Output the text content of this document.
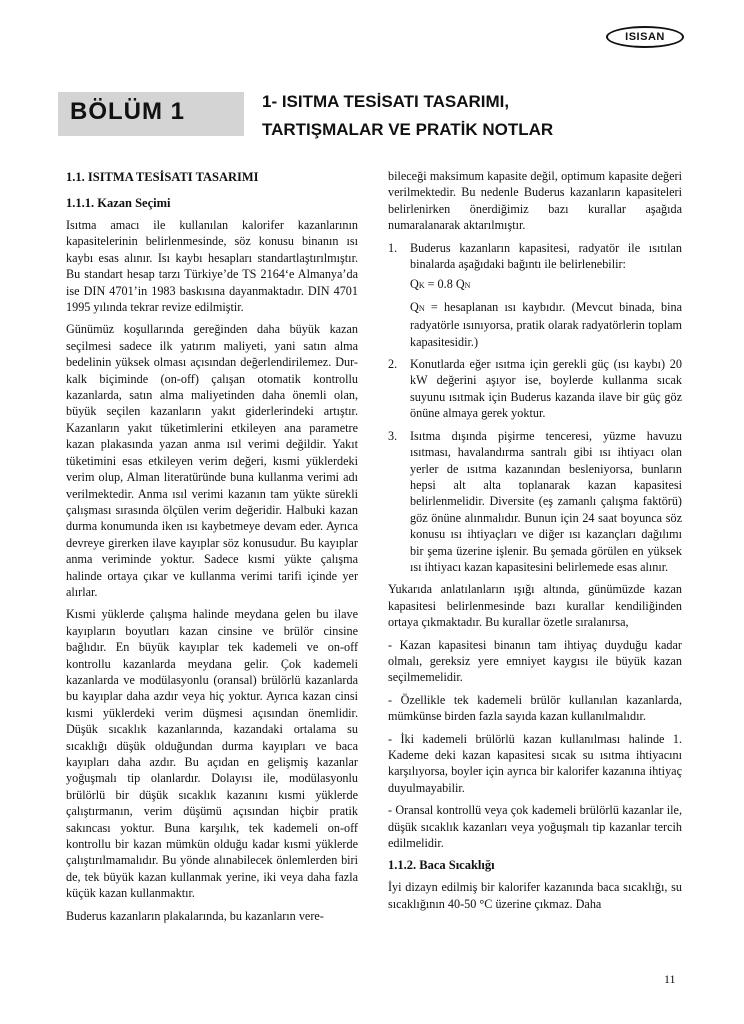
ISISAN
BÖLÜM 1	1- ISITMA TESİSATI TASARIMI,
TARTIŞMALAR VE PRATİK NOTLAR
1.1. ISITMA TESİSATI TASARIMI
1.1.1. Kazan Seçimi

Isıtma amacı ile kullanılan kalorifer kazanlarının kapasitelerinin belirlenmesinde, söz konusu binanın ısı kaybı esas alınır. Isı kaybı hesapları standartlaştırılmıştır. Bu standart hesap tarzı Türkiye’de TS 2164‘e Almanya’da ise DIN 4701’in 1983 baskısına dayanmaktadır. DIN 4701 1995 yılında tekrar revize edilmiştir.

Günümüz koşullarında gereğinden daha büyük kazan seçilmesi sadece ilk yatırım maliyeti, yani satın alma bedelinin yüksek olması açısından değerlendirilemez. Dur-kalk biçiminde (on-off) çalışan otomatik kontrollu kazanlarda, satın alma maliyetinden daha önemli olan, büyük seçilen kazanların yakıt giderlerindeki artıştır. Kazanların yakıt tüketimlerini etkileyen ana parametre kazan plakasında yazan anma ısıl verimi değildir. Yakıt tüketimini esas etkileyen verim değeri, kısmi yüklerdeki verim olup, Alman literatüründe buna kullanma verimi adı verilmektedir. Anma ısıl verimi kazanın tam yükte sürekli çalışması sırasında ölçülen verim değeridir. Halbuki kazan durma konumunda iken ısı kaybetmeye devam eder. Ayrıca devreye girerken ilave kayıplar söz konusudur. Bu kayıplar anma veriminde yoktur. Sadece kısmi yükte çalışma halinde ortaya çıkar ve kullanma verimi tarifi içinde yer alırlar.

Kısmi yüklerde çalışma halinde meydana gelen bu ilave kayıpların boyutları kazan cinsine ve brülör cinsine bağlıdır. En büyük kayıplar tek kademeli ve on-off kontrollu kazanlarda meydana gelir. Çok kademeli kazanlarda ve modülasyonlu (oransal) brülörlü kazanlarda bu kayıplar daha azdır veya hiç yoktur. Ayrıca kazan cinsi kısmi yüklerdeki verim düşmesi açısından önemlidir. Düşük sıcaklık kazanlarında, kazandaki ortalama su sıcaklığı düşük olduğundan durma kayıpları ve baca kayıpları daha azdır. Bu açıdan en gelişmiş kazanlar yoğuşmalı tip olanlardır. Dolayısı ile, modülasyonlu brülörlü bir düşük sıcaklık kazanını kısmi yüklerde çalıştırmanın, verim düşümü açısından hiçbir pratik sakıncası yoktur. Buna karşılık, tek kademeli on-off kontrollu bir kazan mümkün olduğu kadar kısmi yüklerde çalıştırılmamalıdır. Bu yönde alınabilecek önlemlerden biri de, tek büyük kazan kullanmak yerine, iki veya daha fazla küçük kazan kullanmaktır.

Buderus kazanların plakalarında, bu kazanların vere-

bileceği maksimum kapasite değil, optimum kapasite değeri verilmektedir. Bu nedenle Buderus kazanların kapasiteleri belirlenirken önerdiğimiz bazı kurallar aşağıda numaralanarak aktarılmıştır.

1. Buderus kazanların kapasitesi, radyatör ile ısıtılan binalarda aşağıdaki bağıntı ile belirlenebilir:
QK = 0.8 QN
QN = hesaplanan ısı kaybıdır. (Mevcut binada, bina radyatörle ısınıyorsa, pratik olarak radyatörlerin toplam kapasitesidir.)
2. Konutlarda eğer ısıtma için gerekli güç (ısı kaybı) 20 kW değerini aşıyor ise, boylerde kullanma sıcak suyunu ısıtmak için Buderus kazanda ilave bir güç göz önüne almaya gerek yoktur.
3. Isıtma dışında pişirme tenceresi, yüzme havuzu ısıtması, havalandırma santralı gibi ısı ihtiyacı olan yerler de ısıtma kazanından besleniyorsa, bunların hepsi alt alta toplanarak kazan kapasitesi belirlenmelidir. Diversite (eş zamanlı çalışma faktörü) göz önüne alınmalıdır. Bunun için 24 saat boyunca söz konusu ısı ihtiyaçları ve diğer ısı kazançları dağılımı bir şema üzerine işlenir. Bu şemada görülen en yüksek ısı ihtiyacı kazan kapasitesini belirlemede esas alınır.

Yukarıda anlatılanların ışığı altında, günümüzde kazan kapasitesi belirlenmesinde bazı kurallar kendiliğinden ortaya çıkmaktadır. Bu kurallar özetle sıralanırsa,

- Kazan kapasitesi binanın tam ihtiyaç duyduğu kadar olmalı, gereksiz yere emniyet kaygısı ile büyük kazan seçilmemelidir.

- Özellikle tek kademeli brülör kullanılan kazanlarda, mümkünse birden fazla sayıda kazan kullanılmalıdır.

- İki kademeli brülörlü kazan kullanılması halinde 1. Kademe deki kazan kapasitesi sıcak su ısıtma ihtiyacını karşılıyorsa, boyler için ayrıca bir kalorifer kazanına ihtiyaç duyulmayabilir.

- Oransal kontrollü veya çok kademeli brülörlü kazanlar ile, düşük sıcaklık kazanları veya yoğuşmalı tip kazanlar tercih edilmelidir.

1.1.2. Baca Sıcaklığı

İyi dizayn edilmiş bir kalorifer kazanında baca sıcaklığı, su sıcaklığının 40-50 °C üzerine çıkmaz. Daha

11
